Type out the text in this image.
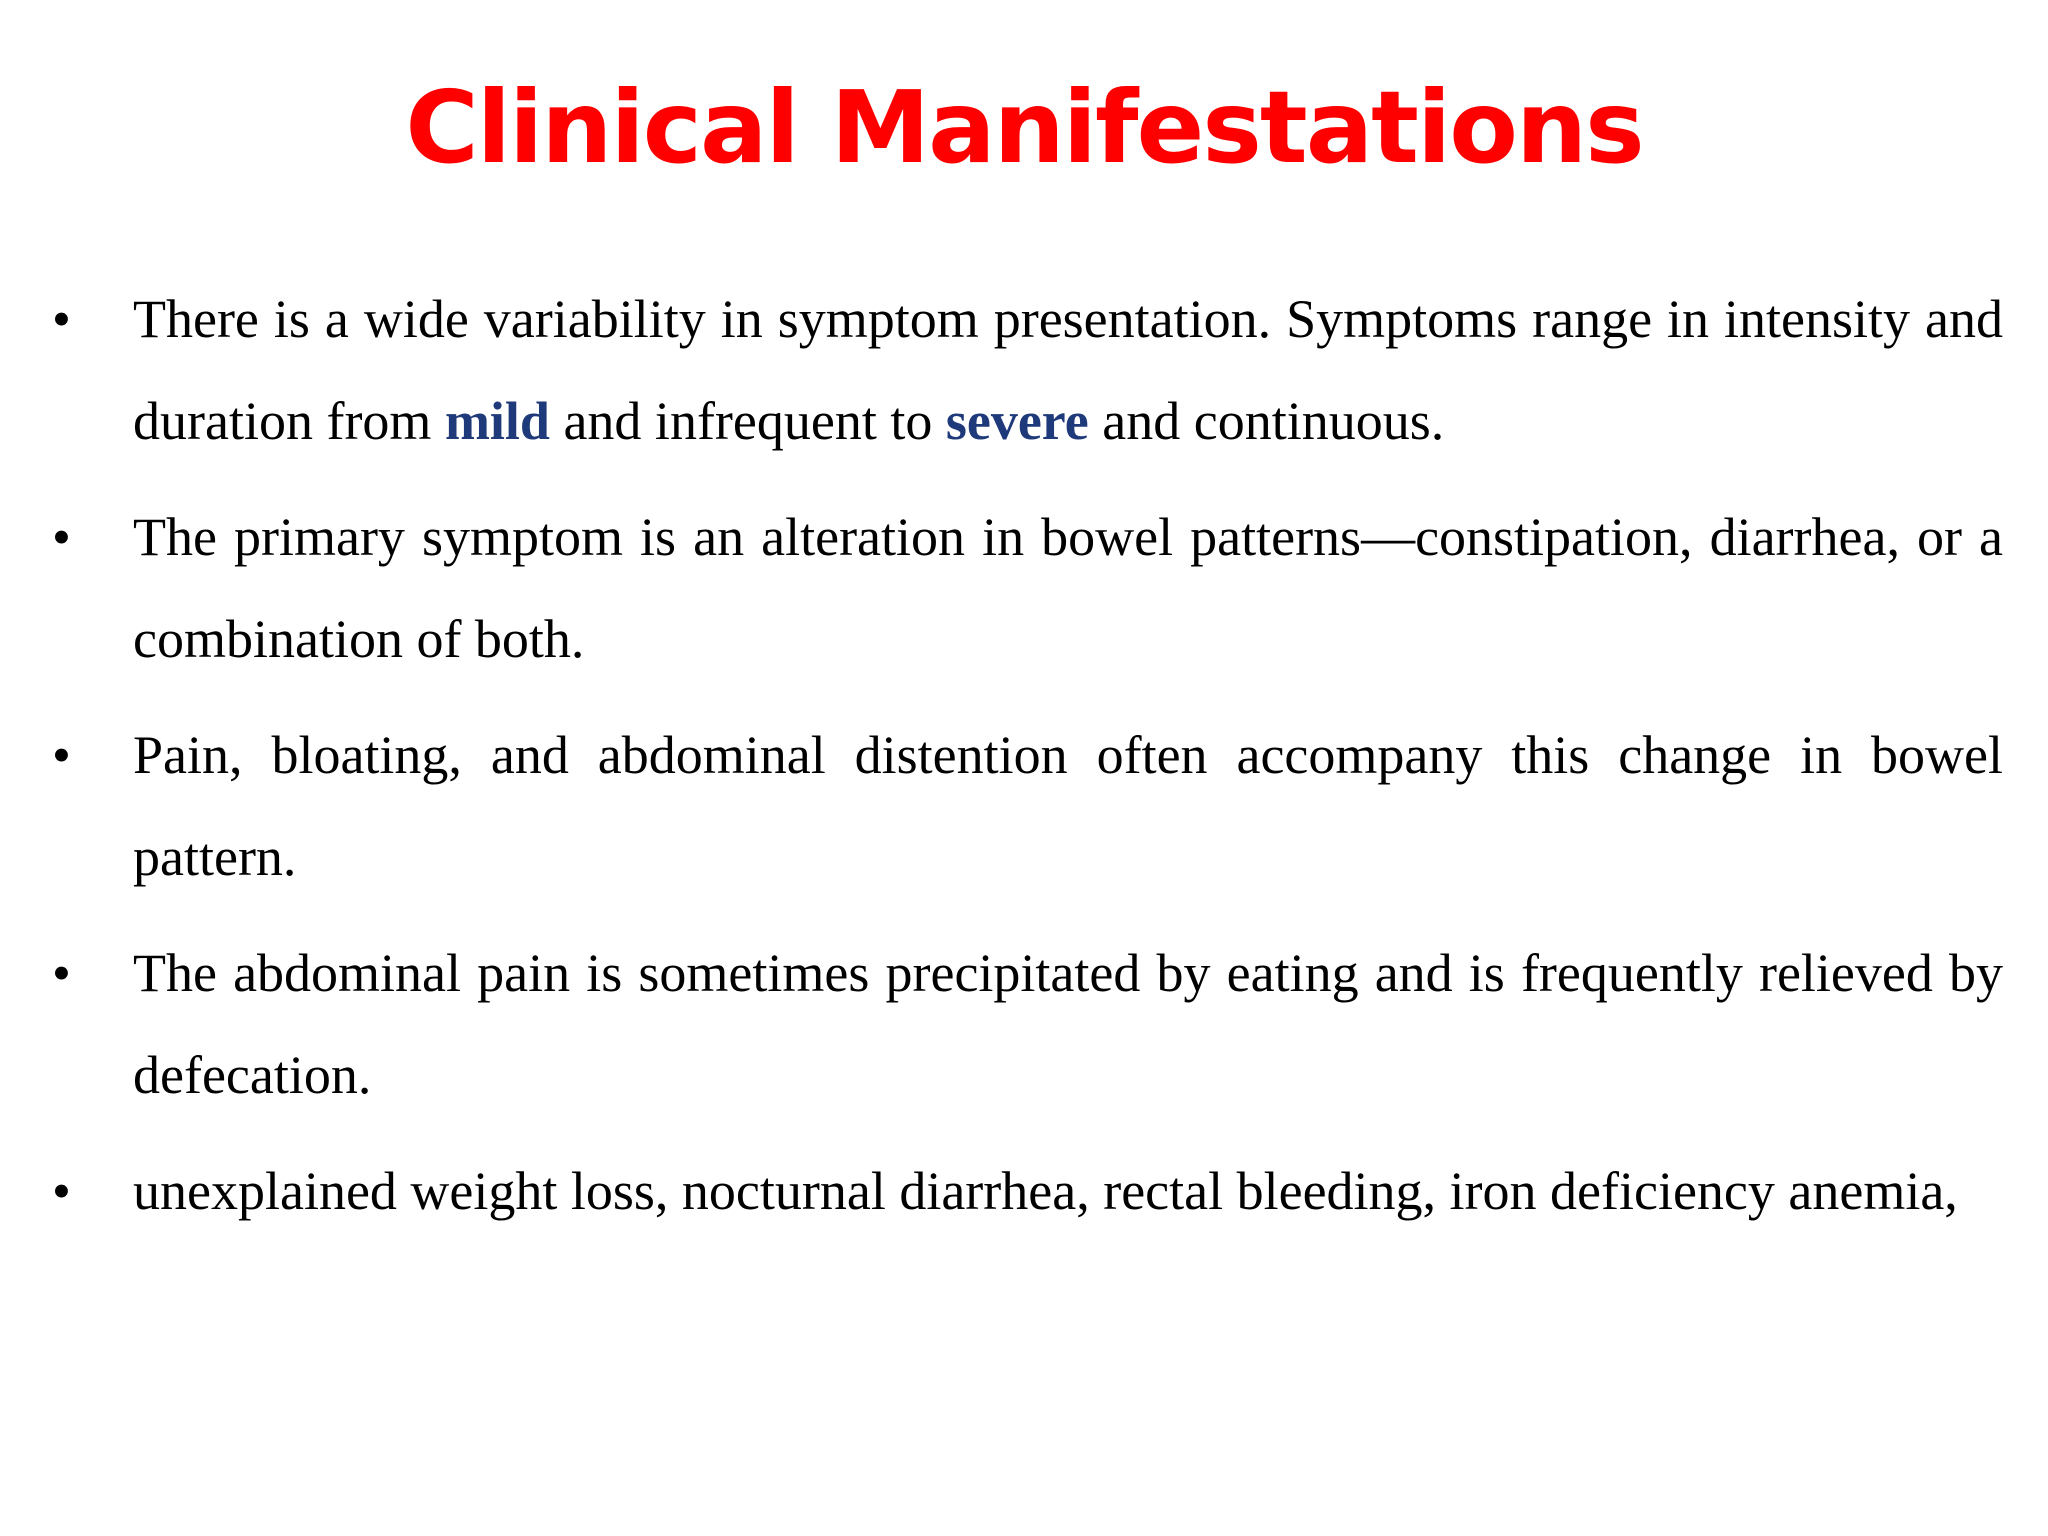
Clinical Manifestations
• There is a wide variability in symptom presentation. Symptoms range in intensity and duration from mild and infrequent to severe and continuous.
• The primary symptom is an alteration in bowel patterns—constipation, diarrhea, or a combination of both.
• Pain, bloating, and abdominal distention often accompany this change in bowel pattern.
• The abdominal pain is sometimes precipitated by eating and is frequently relieved by defecation.
• unexplained weight loss, nocturnal diarrhea, rectal bleeding, iron deficiency anemia,
